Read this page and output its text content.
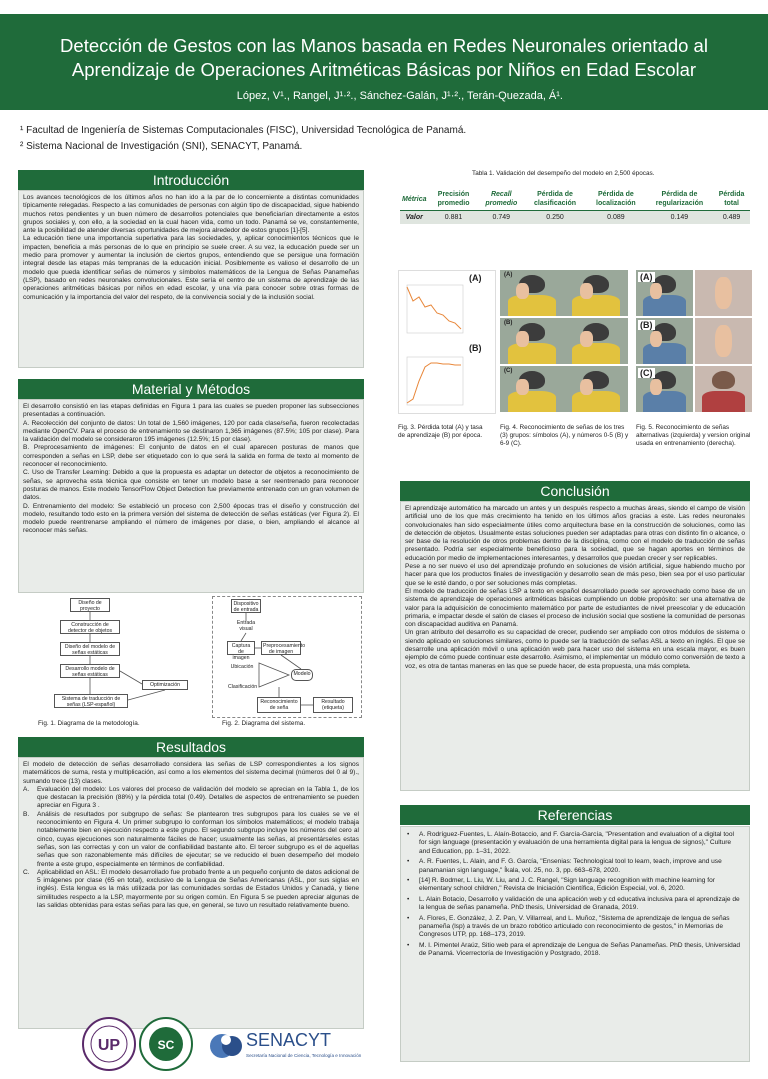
Detección de Gestos con las Manos basada en Redes Neuronales orientado al
Aprendizaje de Operaciones Aritméticas Básicas por Niños en Edad Escolar
López, V¹., Rangel, J¹·²., Sánchez-Galán, J¹·²., Terán-Quezada, Á¹.
¹ Facultad de Ingeniería de Sistemas Computacionales (FISC), Universidad Tecnológica de Panamá.
² Sistema Nacional de Investigación (SNI), SENACYT, Panamá.
Introducción

Los avances tecnológicos de los últimos años no han ido a la par de lo concerniente a distintas comunidades típicamente relegadas. Respecto a las comunidades de personas con algún tipo de discapacidad, sigue habiendo muchos retos pendientes y un buen número de desarrollos potenciales que beneficiarían directamente a estos grupos sociales y, con ello, a la sociedad en la cual hacen vida, como un todo. Panamá se ve, constantemente, ante la posibilidad de atender diversas oportunidades de mejora alrededor de estos grupos [1]-[5].

La educación tiene una importancia superlativa para las sociedades, y, aplicar conocimientos técnicos que le impacten, beneficia a más personas de lo que en principio se suele creer. A su vez, la educación puede ser un medio para promover y aumentar la inclusión de ciertos grupos, entendiendo que se persigue una formación integral desde las etapas más tempranas de la educación inicial. Posiblemente es valioso el desarrollo de un modelo que pueda identificar señas de números y símbolos matemáticos de la Lengua de Señas Panameñas (LSP), basado en redes neuronales convolucionales. Este sería el centro de un sistema de aprendizaje de las operaciones aritméticas básicas por niños en edad escolar, y una vía para conocer sobre otras formas de comunicación y la importancia del valor del respeto, de la convivencia social y de la inclusión social.

Material y Métodos

El desarrollo consistió en las etapas definidas en Figura 1 para las cuales se pueden proponer las subsecciones presentadas a continuación.

A. Recolección del conjunto de datos: Un total de 1,560 imágenes, 120 por cada clase/seña, fueron recolectadas mediante OpenCV. Para el proceso de entrenamiento se destinaron 1,365 imágenes (87.5%; 105 por clase). Para la validación del modelo se consideraron 195 imágenes (12.5%; 15 por clase).

B. Preprocesamiento de imágenes: El conjunto de datos en el cual aparecen posturas de manos que corresponden a señas en LSP, debe ser etiquetado con lo que será la salida en forma de texto al momento de reconocer el reconocimiento.

C. Uso de Transfer Learning: Debido a que la propuesta es adaptar un detector de objetos a reconocimiento de señas, se aprovecha esta técnica que consiste en tener un modelo base a ser reentrenado para reconocer posturas de manos. Este modelo TensorFlow Object Detection fue previamente entrenado con un gran volumen de datos.

D. Entrenamiento del modelo: Se estableció un proceso con 2,500 épocas tras el diseño y construcción del modelo, resultando todo esto en la primera versión del sistema de detección de señas estáticas (ver Figura 2). El modelo puede reentrenarse ampliando el número de imágenes por clase, o bien, ampliando el alcance al reconocer más señas.

Diseño de proyecto
Construcción de detector de objetos
Diseño del modelo de señas estáticas
Desarrollo modelo de señas estáticas
Sistema de traducción de señas (LSP-español)
Optimización
Fig. 1. Diagrama de la metodología.
Dispositivo de entrada
Entrada visual
Captura de imagen
Preprocesamiento de imagen
Ubicación
Clasificación
Modelo
Reconocimiento de seña
Resultado (etiqueta)
Fig. 2. Diagrama del sistema.
Resultados

El modelo de detección de señas desarrollado considera las señas de LSP correspondientes a los signos matemáticos de suma, resta y multiplicación, así como a los elementos del sistema decimal (números del 0 al 9)., sumando trece (13) clases.

A.	Evaluación del modelo: Los valores del proceso de validación del modelo se aprecian en la Tabla 1, de los que destacan la precisión (88%) y la pérdida total (0.49). Detalles de aspectos de entrenamiento se pueden apreciar en Figura 3 .
B.	Análisis de resultados por subgrupo de señas: Se plantearon tres subgrupos para los cuales se ve el reconocimiento en Figura 4. Un primer subgrupo lo conforman los símbolos matemáticos; el modelo trabaja notablemente bien en ejecución respecto a este grupo. El segundo subgrupo incluye los números del cero al cinco, cuyas ejecuciones son naturalmente fáciles de hacer; usualmente las señas, al presentárseles estas señas, son las correctas y con un valor de confiabilidad bastante alto. El tercer subgrupo es el de aquellas señas que son razonablemente más difíciles de ejecutar; se ve reducido el buen desempeño del modelo frente a este grupo, especialmente en términos de confiabilidad.
C.	Aplicabilidad en ASL: El modelo desarrollado fue probado frente a un pequeño conjunto de datos adicional de 5 imágenes por clase (65 en total), exclusivo de la Lengua de Señas Americanas (ASL, por sus siglas en inglés). Esta lengua es la más utilizada por las comunidades sordas de Estados Unidos y Canadá, y tiene similitudes respecto a la LSP, mayormente por su origen común. En Figura 5 se pueden apreciar algunas de las salidas obtenidas para estas señas para las que, en general, se tuvo un resultado relativamente bueno.
Tabla 1. Validación del desempeño del modelo en 2,500 épocas.
Métrica	Precisión promedio	Recall promedio	Pérdida de clasificación	Pérdida de localización	Pérdida de regularización	Pérdida total
Valor	0.881	0.749	0.250	0.089	0.149	0.489
(A)
(B)
Fig. 3. Pérdida total (A) y tasa de aprendizaje (B) por época.
(A)
(B)
(C)
Fig. 4. Reconocimiento de señas de los tres (3) grupos: símbolos (A), y números 0-5 (B) y 6-9 (C).
(A)
(B)
(C)
Fig. 5. Reconocimiento de señas alternativas (izquierda) y version original usada en entrenamiento (derecha).
Conclusión

El aprendizaje automático ha marcado un antes y un después respecto a muchas áreas, siendo el campo de visión artificial uno de los que más crecimiento ha tenido en los últimos años gracias a este. Las redes neuronales convolucionales han sido especialmente útiles como arquitectura base en la construcción de soluciones, como las de detección de objetos. Usualmente estas soluciones pueden ser adaptadas para otras con distinto fin o alcance, o ser base de la resolución de otros problemas dentro de la disciplina, como con el modelo de traducción de señas presentado. Podría ser especialmente beneficioso para la sociedad, que se hagan aportes en términos de educación por medio de implementaciones interesantes, y desarrollos que puedan crecer y ser replicables.

Pese a no ser nuevo el uso del aprendizaje profundo en soluciones de visión artificial, sigue habiendo mucho por hacer para que los productos finales de investigación y desarrollo sean de más peso, bien sea por el uso particular que se le esté dando, o por ser soluciones más completas.

El modelo de traducción de señas LSP a texto en español desarrollado puede ser aprovechado como base de un sistema de aprendizaje de operaciones aritméticas básicas cumpliendo un doble propósito: ser una alternativa de valor para la adquisición de conocimiento matemático por parte de estudiantes de nivel preescolar y de educación primaria, e impactar desde el salón de clases el proceso de inclusión social que sostiene la comunidad de personas con discapacidad auditiva en Panamá.

Un gran atributo del desarrollo es su capacidad de crecer, pudiendo ser ampliado con otros módulos de sistema o siendo aplicado en soluciones similares, como lo puede ser la traducción de señas ASL a texto en inglés. El que se desarrolle una aplicación móvil o una aplicación web para hacer uso del sistema en una escala mayor, es buen ejemplo de cómo puede continuar este desarrollo. Asimismo, el implementar un módulo como conversión de texto a voz, es otra de tantas maneras en las que se puede hacer, de esta propuesta, una más completa.

Referencias
•	A. Rodríguez-Fuentes, L. Alaín-Botaccio, and F. García-García, "Presentation and evaluation of a digital tool for sign language (presentación y evaluación de una herramienta digital para la lengua de signos)," Culture and Education, pp. 1–31, 2022.
•	A. R. Fuentes, L. Alain, and F. G. García, "Ensenias: Technological tool to learn, teach, improve and use panamanian sign language," Íkala, vol. 25, no. 3, pp. 663–678, 2020.
•	[14] R. Bodmer, L. Liu, W. Liu, and J. C. Rangel, "Sign language recognition with machine learning for elementary school children," Revista de Iniciación Científica, Edición Especial, vol. 6, 2020.
•	L. Alain Botacio, Desarrollo y validación de una aplicación web y cd educativa inclusiva para el aprendizaje de la lengua de señas panameña. PhD thesis, Universidad de Granada, 2019.
•	A. Flores, E. González, J. Z. Pan, V. Villarreal, and L. Muñoz, "Sistema de aprendizaje de lengua de señas panameña (lsp) a través de un brazo robótico articulado con reconocimiento de gestos," in Memorias de Congresos UTP, pp. 168–173, 2019.
•	M. I. Pimentel Araúz, Sitio web para el aprendizaje de Lengua de Señas Panameñas. PhD thesis, Universidad de Panamá. Vicerrectoría de Investigación y Postgrado, 2018.
UP	SC	SENACYT
Secretaría Nacional de Ciencia, Tecnología e Innovación
